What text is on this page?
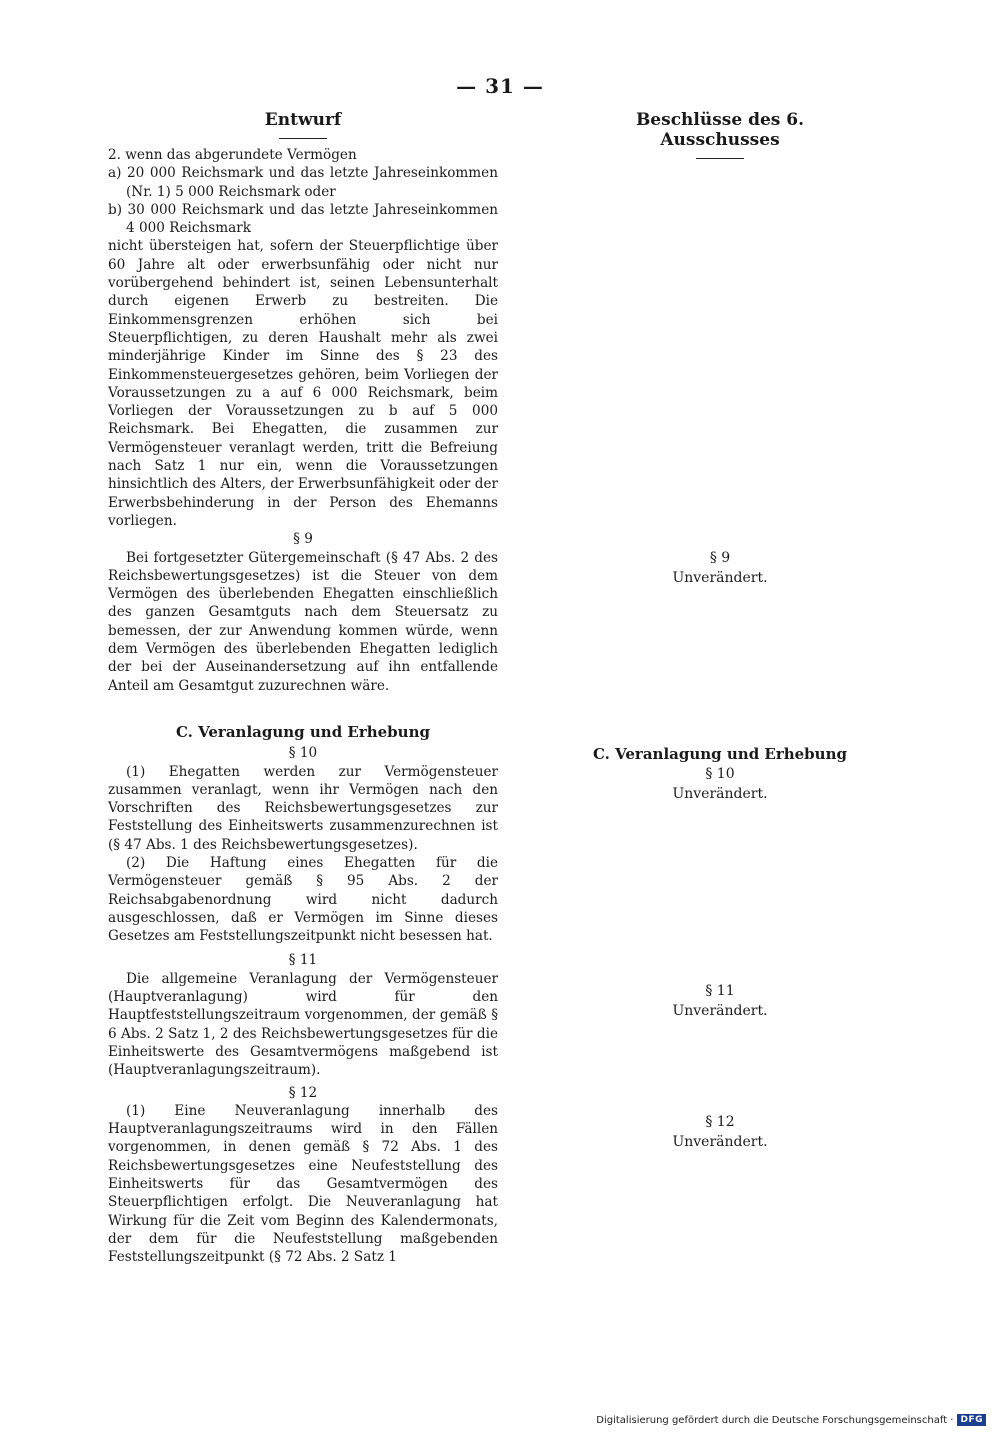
— 31 —
Entwurf	Beschlüsse des 6. Ausschusses

2. wenn das abgerundete Vermögen

a) 20 000 Reichsmark und das letzte Jahreseinkommen (Nr. 1) 5 000 Reichsmark oder

b) 30 000 Reichsmark und das letzte Jahreseinkommen 4 000 Reichsmark

nicht übersteigen hat, sofern der Steuerpflichtige über 60 Jahre alt oder erwerbsunfähig oder nicht nur vorübergehend behindert ist, seinen Lebensunterhalt durch eigenen Erwerb zu bestreiten. Die Einkommensgrenzen erhöhen sich bei Steuerpflichtigen, zu deren Haushalt mehr als zwei minderjährige Kinder im Sinne des § 23 des Einkommensteuergesetzes gehören, beim Vorliegen der Voraussetzungen zu a auf 6 000 Reichsmark, beim Vorliegen der Voraussetzungen zu b auf 5 000 Reichsmark. Bei Ehegatten, die zusammen zur Vermögensteuer veranlagt werden, tritt die Befreiung nach Satz 1 nur ein, wenn die Voraussetzungen hinsichtlich des Alters, der Erwerbsunfähigkeit oder der Erwerbsbehinderung in der Person des Ehemanns vorliegen.

§ 9

Bei fortgesetzter Gütergemeinschaft (§ 47 Abs. 2 des Reichsbewertungsgesetzes) ist die Steuer von dem Vermögen des überlebenden Ehegatten einschließlich des ganzen Gesamtguts nach dem Steuersatz zu bemessen, der zur Anwendung kommen würde, wenn dem Vermögen des überlebenden Ehegatten lediglich der bei der Auseinandersetzung auf ihn entfallende Anteil am Gesamtgut zuzurechnen wäre.

C. Veranlagung und Erhebung

§ 10

(1) Ehegatten werden zur Vermögensteuer zusammen veranlagt, wenn ihr Vermögen nach den Vorschriften des Reichsbewertungsgesetzes zur Feststellung des Einheitswerts zusammenzurechnen ist (§ 47 Abs. 1 des Reichsbewertungsgesetzes).

(2) Die Haftung eines Ehegatten für die Vermögensteuer gemäß § 95 Abs. 2 der Reichsabgabenordnung wird nicht dadurch ausgeschlossen, daß er Vermögen im Sinne dieses Gesetzes am Feststellungszeitpunkt nicht besessen hat.

§ 11

Die allgemeine Veranlagung der Vermögensteuer (Hauptveranlagung) wird für den Hauptfeststellungszeitraum vorgenommen, der gemäß § 6 Abs. 2 Satz 1, 2 des Reichsbewertungsgesetzes für die Einheitswerte des Gesamtvermögens maßgebend ist (Hauptveranlagungszeitraum).

§ 12

(1) Eine Neuveranlagung innerhalb des Hauptveranlagungszeitraums wird in den Fällen vorgenommen, in denen gemäß § 72 Abs. 1 des Reichsbewertungsgesetzes eine Neufeststellung des Einheitswerts für das Gesamtvermögen des Steuerpflichtigen erfolgt. Die Neuveranlagung hat Wirkung für die Zeit vom Beginn des Kalendermonats, der dem für die Neufeststellung maßgebenden Feststellungszeitpunkt (§ 72 Abs. 2 Satz 1

§ 9
Unverändert.
C. Veranlagung und Erhebung
§ 10
Unverändert.
§ 11
Unverändert.
§ 12
Unverändert.
Digitalisierung gefördert durch die Deutsche Forschungsgemeinschaft · DFG
